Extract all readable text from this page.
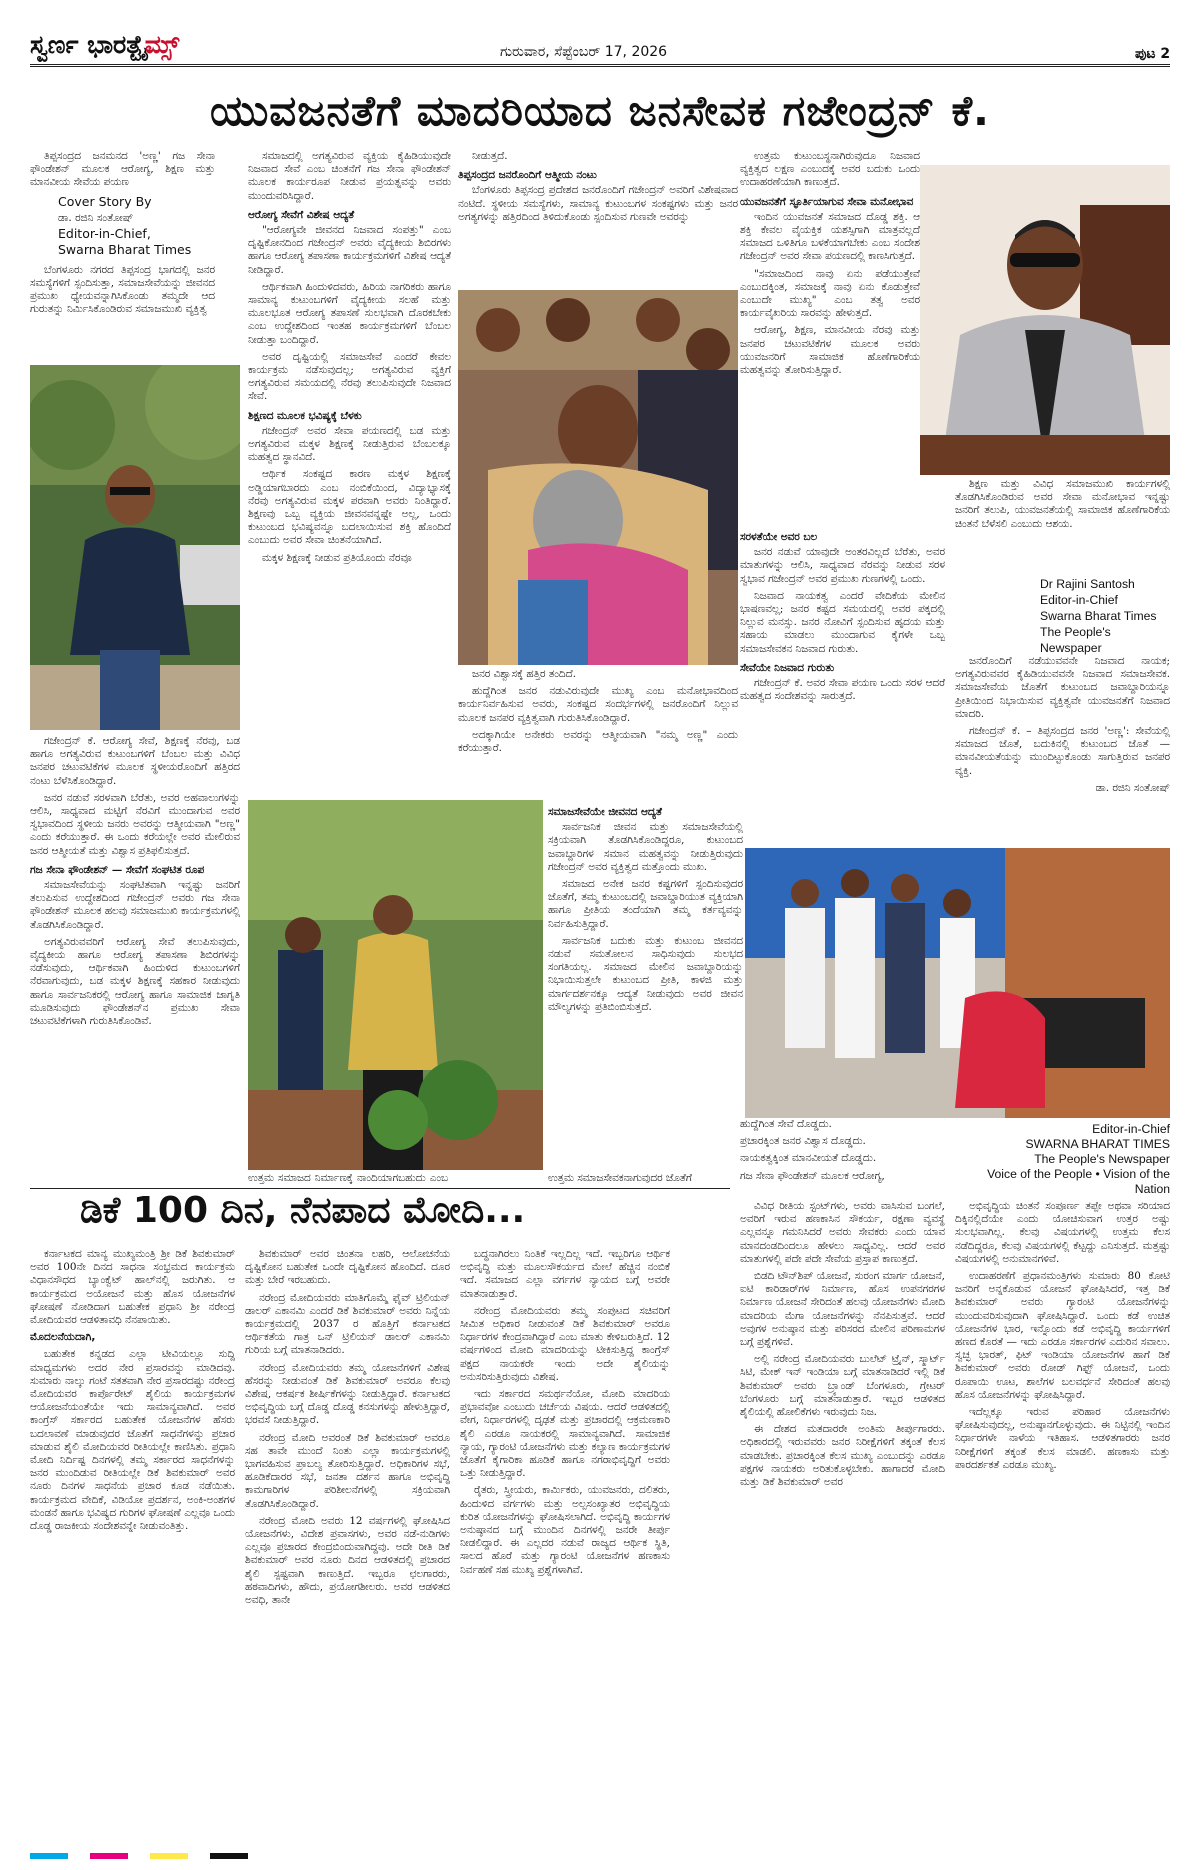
ಸ್ವರ್ಣ ಭಾರತ್ಟೈಮ್ಸ್	ಗುರುವಾರ, ಸೆಪ್ಟೆಂಬರ್ 17, 2026	ಪುಟ 2
ಯುವಜನತೆಗೆ ಮಾದರಿಯಾದ ಜನಸೇವಕ ಗಜೇಂದ್ರನ್ ಕೆ.

ತಿಪ್ಪಸಂದ್ರದ ಜನಮನದ 'ಅಣ್ಣ' ಗಜ ಸೇನಾ ಫೌಂಡೇಶನ್ ಮೂಲಕ ಆರೋಗ್ಯ, ಶಿಕ್ಷಣ ಮತ್ತು ಮಾನವೀಯ ಸೇವೆಯ ಪಯಣ

Cover Story By
ಡಾ. ರಜಿನಿ ಸಂತೋಷ್
Editor-in-Chief,
Swarna Bharat Times

ಬೆಂಗಳೂರು ನಗರದ ತಿಪ್ಪಸಂದ್ರ ಭಾಗದಲ್ಲಿ ಜನರ ಸಮಸ್ಯೆಗಳಿಗೆ ಸ್ಪಂದಿಸುತ್ತಾ, ಸಮಾಜಸೇವೆಯನ್ನು ಜೀವನದ ಪ್ರಮುಖ ಧ್ಯೇಯವನ್ನಾಗಿಸಿಕೊಂಡು ತಮ್ಮದೇ ಆದ ಗುರುತನ್ನು ನಿರ್ಮಿಸಿಕೊಂಡಿರುವ ಸಮಾಜಮುಖಿ ವ್ಯಕ್ತಿತ್ವ

ಗಜೇಂದ್ರನ್ ಕೆ. ಆರೋಗ್ಯ ಸೇವೆ, ಶಿಕ್ಷಣಕ್ಕೆ ನೆರವು, ಬಡ ಹಾಗೂ ಅಗತ್ಯವಿರುವ ಕುಟುಂಬಗಳಿಗೆ ಬೆಂಬಲ ಮತ್ತು ವಿವಿಧ ಜನಪರ ಚಟುವಟಿಕೆಗಳ ಮೂಲಕ ಸ್ಥಳೀಯರೊಂದಿಗೆ ಹತ್ತಿರದ ನಂಟು ಬೆಳೆಸಿಕೊಂಡಿದ್ದಾರೆ.

ಜನರ ನಡುವೆ ಸರಳವಾಗಿ ಬೆರೆತು, ಅವರ ಅಹವಾಲುಗಳನ್ನು ಆಲಿಸಿ, ಸಾಧ್ಯವಾದ ಮಟ್ಟಿಗೆ ನೆರವಿಗೆ ಮುಂದಾಗುವ ಅವರ ಸ್ವಭಾವದಿಂದ ಸ್ಥಳೀಯ ಜನರು ಅವರನ್ನು ಆತ್ಮೀಯವಾಗಿ "ಅಣ್ಣ" ಎಂದು ಕರೆಯುತ್ತಾರೆ. ಈ ಒಂದು ಕರೆಯಲ್ಲೇ ಅವರ ಮೇಲಿರುವ ಜನರ ಆತ್ಮೀಯತೆ ಮತ್ತು ವಿಶ್ವಾಸ ಪ್ರತಿಫಲಿಸುತ್ತದೆ.

ಗಜ ಸೇನಾ ಫೌಂಡೇಶನ್ — ಸೇವೆಗೆ ಸಂಘಟಿತ ರೂಪ

ಸಮಾಜಸೇವೆಯನ್ನು ಸಂಘಟಿತವಾಗಿ ಇನ್ನಷ್ಟು ಜನರಿಗೆ ತಲುಪಿಸುವ ಉದ್ದೇಶದಿಂದ ಗಜೇಂದ್ರನ್ ಅವರು ಗಜ ಸೇನಾ ಫೌಂಡೇಶನ್ ಮೂಲಕ ಹಲವು ಸಮಾಜಮುಖಿ ಕಾರ್ಯಕ್ರಮಗಳಲ್ಲಿ ತೊಡಗಿಸಿಕೊಂಡಿದ್ದಾರೆ.

ಅಗತ್ಯವಿರುವವರಿಗೆ ಆರೋಗ್ಯ ಸೇವೆ ತಲುಪಿಸುವುದು, ವೈದ್ಯಕೀಯ ಹಾಗೂ ಆರೋಗ್ಯ ತಪಾಸಣಾ ಶಿಬಿರಗಳನ್ನು ನಡೆಸುವುದು, ಆರ್ಥಿಕವಾಗಿ ಹಿಂದುಳಿದ ಕುಟುಂಬಗಳಿಗೆ ನೆರವಾಗುವುದು, ಬಡ ಮಕ್ಕಳ ಶಿಕ್ಷಣಕ್ಕೆ ಸಹಕಾರ ನೀಡುವುದು ಹಾಗೂ ಸಾರ್ವಜನಿಕರಲ್ಲಿ ಆರೋಗ್ಯ ಹಾಗೂ ಸಾಮಾಜಿಕ ಜಾಗೃತಿ ಮೂಡಿಸುವುದು ಫೌಂಡೇಶನ್‌ನ ಪ್ರಮುಖ ಸೇವಾ ಚಟುವಟಿಕೆಗಳಾಗಿ ಗುರುತಿಸಿಕೊಂಡಿವೆ.

ಸಮಾಜದಲ್ಲಿ ಅಗತ್ಯವಿರುವ ವ್ಯಕ್ತಿಯ ಕೈಹಿಡಿಯುವುದೇ ನಿಜವಾದ ಸೇವೆ ಎಂಬ ಚಿಂತನೆಗೆ ಗಜ ಸೇನಾ ಫೌಂಡೇಶನ್ ಮೂಲಕ ಕಾರ್ಯರೂಪ ನೀಡುವ ಪ್ರಯತ್ನವನ್ನು ಅವರು ಮುಂದುವರಿಸಿದ್ದಾರೆ.

ಆರೋಗ್ಯ ಸೇವೆಗೆ ವಿಶೇಷ ಆದ್ಯತೆ

"ಆರೋಗ್ಯವೇ ಜೀವನದ ನಿಜವಾದ ಸಂಪತ್ತು" ಎಂಬ ದೃಷ್ಟಿಕೋನದಿಂದ ಗಜೇಂದ್ರನ್ ಅವರು ವೈದ್ಯಕೀಯ ಶಿಬಿರಗಳು ಹಾಗೂ ಆರೋಗ್ಯ ತಪಾಸಣಾ ಕಾರ್ಯಕ್ರಮಗಳಿಗೆ ವಿಶೇಷ ಆದ್ಯತೆ ನೀಡಿದ್ದಾರೆ.

ಆರ್ಥಿಕವಾಗಿ ಹಿಂದುಳಿದವರು, ಹಿರಿಯ ನಾಗರಿಕರು ಹಾಗೂ ಸಾಮಾನ್ಯ ಕುಟುಂಬಗಳಿಗೆ ವೈದ್ಯಕೀಯ ಸಲಹೆ ಮತ್ತು ಮೂಲಭೂತ ಆರೋಗ್ಯ ತಪಾಸಣೆ ಸುಲಭವಾಗಿ ದೊರಕಬೇಕು ಎಂಬ ಉದ್ದೇಶದಿಂದ ಇಂತಹ ಕಾರ್ಯಕ್ರಮಗಳಿಗೆ ಬೆಂಬಲ ನೀಡುತ್ತಾ ಬಂದಿದ್ದಾರೆ.

ಅವರ ದೃಷ್ಟಿಯಲ್ಲಿ ಸಮಾಜಸೇವೆ ಎಂದರೆ ಕೇವಲ ಕಾರ್ಯಕ್ರಮ ನಡೆಸುವುದಲ್ಲ; ಅಗತ್ಯವಿರುವ ವ್ಯಕ್ತಿಗೆ ಅಗತ್ಯವಿರುವ ಸಮಯದಲ್ಲಿ ನೆರವು ತಲುಪಿಸುವುದೇ ನಿಜವಾದ ಸೇವೆ.

ಶಿಕ್ಷಣದ ಮೂಲಕ ಭವಿಷ್ಯಕ್ಕೆ ಬೆಳಕು

ಗಜೇಂದ್ರನ್ ಅವರ ಸೇವಾ ಪಯಣದಲ್ಲಿ ಬಡ ಮತ್ತು ಅಗತ್ಯವಿರುವ ಮಕ್ಕಳ ಶಿಕ್ಷಣಕ್ಕೆ ನೀಡುತ್ತಿರುವ ಬೆಂಬಲಕ್ಕೂ ಮಹತ್ವದ ಸ್ಥಾನವಿದೆ.

ಆರ್ಥಿಕ ಸಂಕಷ್ಟದ ಕಾರಣ ಮಕ್ಕಳ ಶಿಕ್ಷಣಕ್ಕೆ ಅಡ್ಡಿಯಾಗಬಾರದು ಎಂಬ ನಂಬಿಕೆಯಿಂದ, ವಿದ್ಯಾಭ್ಯಾಸಕ್ಕೆ ನೆರವು ಅಗತ್ಯವಿರುವ ಮಕ್ಕಳ ಪರವಾಗಿ ಅವರು ನಿಂತಿದ್ದಾರೆ. ಶಿಕ್ಷಣವು ಒಬ್ಬ ವ್ಯಕ್ತಿಯ ಜೀವನವನ್ನಷ್ಟೇ ಅಲ್ಲ, ಒಂದು ಕುಟುಂಬದ ಭವಿಷ್ಯವನ್ನೂ ಬದಲಾಯಿಸುವ ಶಕ್ತಿ ಹೊಂದಿದೆ ಎಂಬುದು ಅವರ ಸೇವಾ ಚಿಂತನೆಯಾಗಿದೆ.

ಮಕ್ಕಳ ಶಿಕ್ಷಣಕ್ಕೆ ನೀಡುವ ಪ್ರತಿಯೊಂದು ನೆರವೂ

ನೀಡುತ್ತದೆ.

ತಿಪ್ಪಸಂದ್ರದ ಜನರೊಂದಿಗೆ ಆತ್ಮೀಯ ನಂಟು

ಬೆಂಗಳೂರು ತಿಪ್ಪಸಂದ್ರ ಪ್ರದೇಶದ ಜನರೊಂದಿಗೆ ಗಜೇಂದ್ರನ್ ಅವರಿಗೆ ವಿಶೇಷವಾದ ನಂಟಿದೆ. ಸ್ಥಳೀಯ ಸಮಸ್ಯೆಗಳು, ಸಾಮಾನ್ಯ ಕುಟುಂಬಗಳ ಸಂಕಷ್ಟಗಳು ಮತ್ತು ಜನರ ಅಗತ್ಯಗಳನ್ನು ಹತ್ತಿರದಿಂದ ತಿಳಿದುಕೊಂಡು ಸ್ಪಂದಿಸುವ ಗುಣವೇ ಅವರನ್ನು

ಜನರ ವಿಶ್ವಾಸಕ್ಕೆ ಹತ್ತಿರ ತಂದಿದೆ.

ಹುದ್ದೆಗಿಂತ ಜನರ ನಡುವಿರುವುದೇ ಮುಖ್ಯ ಎಂಬ ಮನೋಭಾವದಿಂದ ಕಾರ್ಯನಿರ್ವಹಿಸುವ ಅವರು, ಸಂಕಷ್ಟದ ಸಂದರ್ಭಗಳಲ್ಲಿ ಜನರೊಂದಿಗೆ ನಿಲ್ಲುವ ಮೂಲಕ ಜನಪರ ವ್ಯಕ್ತಿತ್ವವಾಗಿ ಗುರುತಿಸಿಕೊಂಡಿದ್ದಾರೆ.

ಅದಕ್ಕಾಗಿಯೇ ಅನೇಕರು ಅವರನ್ನು ಆತ್ಮೀಯವಾಗಿ "ನಮ್ಮ ಅಣ್ಣ" ಎಂದು ಕರೆಯುತ್ತಾರೆ.

ಉತ್ತಮ ಕುಟುಂಬಸ್ಥನಾಗಿರುವುದೂ ನಿಜವಾದ ವ್ಯಕ್ತಿತ್ವದ ಲಕ್ಷಣ ಎಂಬುದಕ್ಕೆ ಅವರ ಬದುಕು ಒಂದು ಉದಾಹರಣೆಯಾಗಿ ಕಾಣುತ್ತದೆ.

ಯುವಜನತೆಗೆ ಸ್ಫೂರ್ತಿಯಾಗುವ ಸೇವಾ ಮನೋಭಾವ

ಇಂದಿನ ಯುವಜನತೆ ಸಮಾಜದ ದೊಡ್ಡ ಶಕ್ತಿ. ಆ ಶಕ್ತಿ ಕೇವಲ ವೈಯಕ್ತಿಕ ಯಶಸ್ಸಿಗಾಗಿ ಮಾತ್ರವಲ್ಲದೆ ಸಮಾಜದ ಒಳಿತಿಗೂ ಬಳಕೆಯಾಗಬೇಕು ಎಂಬ ಸಂದೇಶ ಗಜೇಂದ್ರನ್ ಅವರ ಸೇವಾ ಪಯಣದಲ್ಲಿ ಕಾಣಸಿಗುತ್ತದೆ.

"ಸಮಾಜದಿಂದ ನಾವು ಏನು ಪಡೆಯುತ್ತೇವೆ ಎಂಬುದಕ್ಕಿಂತ, ಸಮಾಜಕ್ಕೆ ನಾವು ಏನು ಕೊಡುತ್ತೇವೆ ಎಂಬುದೇ ಮುಖ್ಯ" ಎಂಬ ತತ್ವ ಅವರ ಕಾರ್ಯವೈಖರಿಯ ಸಾರವನ್ನು ಹೇಳುತ್ತದೆ.

ಆರೋಗ್ಯ, ಶಿಕ್ಷಣ, ಮಾನವೀಯ ನೆರವು ಮತ್ತು ಜನಪರ ಚಟುವಟಿಕೆಗಳ ಮೂಲಕ ಅವರು ಯುವಜನರಿಗೆ ಸಾಮಾಜಿಕ ಹೊಣೆಗಾರಿಕೆಯ ಮಹತ್ವವನ್ನು ತೋರಿಸುತ್ತಿದ್ದಾರೆ.

ಶಿಕ್ಷಣ ಮತ್ತು ವಿವಿಧ ಸಮಾಜಮುಖಿ ಕಾರ್ಯಗಳಲ್ಲಿ ತೊಡಗಿಸಿಕೊಂಡಿರುವ ಅವರ ಸೇವಾ ಮನೋಭಾವ ಇನ್ನಷ್ಟು ಜನರಿಗೆ ತಲುಪಿ, ಯುವಜನತೆಯಲ್ಲಿ ಸಾಮಾಜಿಕ ಹೊಣೆಗಾರಿಕೆಯ ಚಿಂತನೆ ಬೆಳೆಸಲಿ ಎಂಬುದು ಆಶಯ.

Dr Rajini Santosh
Editor-in-Chief
Swarna Bharat Times
The People's Newspaper

ಸರಳತೆಯೇ ಅವರ ಬಲ

ಜನರ ನಡುವೆ ಯಾವುದೇ ಅಂತರವಿಲ್ಲದೆ ಬೆರೆತು, ಅವರ ಮಾತುಗಳನ್ನು ಆಲಿಸಿ, ಸಾಧ್ಯವಾದ ನೆರವನ್ನು ನೀಡುವ ಸರಳ ಸ್ವಭಾವ ಗಜೇಂದ್ರನ್ ಅವರ ಪ್ರಮುಖ ಗುಣಗಳಲ್ಲಿ ಒಂದು.

ನಿಜವಾದ ನಾಯಕತ್ವ ಎಂದರೆ ವೇದಿಕೆಯ ಮೇಲಿನ ಭಾಷಣವಲ್ಲ; ಜನರ ಕಷ್ಟದ ಸಮಯದಲ್ಲಿ ಅವರ ಪಕ್ಕದಲ್ಲಿ ನಿಲ್ಲುವ ಮನಸ್ಸು. ಜನರ ನೋವಿಗೆ ಸ್ಪಂದಿಸುವ ಹೃದಯ ಮತ್ತು ಸಹಾಯ ಮಾಡಲು ಮುಂದಾಗುವ ಕೈಗಳೇ ಒಬ್ಬ ಸಮಾಜಸೇವಕನ ನಿಜವಾದ ಗುರುತು.

ಸೇವೆಯೇ ನಿಜವಾದ ಗುರುತು

ಗಜೇಂದ್ರನ್ ಕೆ. ಅವರ ಸೇವಾ ಪಯಣ ಒಂದು ಸರಳ ಆದರೆ ಮಹತ್ವದ ಸಂದೇಶವನ್ನು ಸಾರುತ್ತದೆ.

ಜನರೊಂದಿಗೆ ನಡೆಯುವವನೇ ನಿಜವಾದ ನಾಯಕ; ಅಗತ್ಯವಿರುವವರ ಕೈಹಿಡಿಯುವವನೇ ನಿಜವಾದ ಸಮಾಜಸೇವಕ. ಸಮಾಜಸೇವೆಯ ಜೊತೆಗೆ ಕುಟುಂಬದ ಜವಾಬ್ದಾರಿಯನ್ನೂ ಪ್ರೀತಿಯಿಂದ ನಿಭಾಯಿಸುವ ವ್ಯಕ್ತಿತ್ವವೇ ಯುವಜನತೆಗೆ ನಿಜವಾದ ಮಾದರಿ.

ಗಜೇಂದ್ರನ್ ಕೆ. – ತಿಪ್ಪಸಂದ್ರದ ಜನರ 'ಅಣ್ಣ': ಸೇವೆಯಲ್ಲಿ ಸಮಾಜದ ಜೊತೆ, ಬದುಕಿನಲ್ಲಿ ಕುಟುಂಬದ ಜೊತೆ — ಮಾನವೀಯತೆಯನ್ನು ಮುಂದಿಟ್ಟುಕೊಂಡು ಸಾಗುತ್ತಿರುವ ಜನಪರ ವ್ಯಕ್ತಿ.

ಡಾ. ರಜಿನಿ ಸಂತೋಷ್

ಸಮಾಜಸೇವೆಯೇ ಜೀವನದ ಆದ್ಯತೆ

ಸಾರ್ವಜನಿಕ ಜೀವನ ಮತ್ತು ಸಮಾಜಸೇವೆಯಲ್ಲಿ ಸಕ್ರಿಯವಾಗಿ ತೊಡಗಿಸಿಕೊಂಡಿದ್ದರೂ, ಕುಟುಂಬದ ಜವಾಬ್ದಾರಿಗಳ ಸಮಾನ ಮಹತ್ವವನ್ನು ನೀಡುತ್ತಿರುವುದು ಗಜೇಂದ್ರನ್ ಅವರ ವ್ಯಕ್ತಿತ್ವದ ಮತ್ತೊಂದು ಮುಖ.

ಸಮಾಜದ ಅನೇಕ ಜನರ ಕಷ್ಟಗಳಿಗೆ ಸ್ಪಂದಿಸುವುದರ ಜೊತೆಗೆ, ತಮ್ಮ ಕುಟುಂಬದಲ್ಲಿ ಜವಾಬ್ದಾರಿಯುತ ವ್ಯಕ್ತಿಯಾಗಿ ಹಾಗೂ ಪ್ರೀತಿಯ ತಂದೆಯಾಗಿ ತಮ್ಮ ಕರ್ತವ್ಯವನ್ನು ನಿರ್ವಹಿಸುತ್ತಿದ್ದಾರೆ.

ಸಾರ್ವಜನಿಕ ಬದುಕು ಮತ್ತು ಕುಟುಂಬ ಜೀವನದ ನಡುವೆ ಸಮತೋಲನ ಸಾಧಿಸುವುದು ಸುಲಭದ ಸಂಗತಿಯಲ್ಲ. ಸಮಾಜದ ಮೇಲಿನ ಜವಾಬ್ದಾರಿಯನ್ನು ನಿಭಾಯಿಸುತ್ತಲೇ ಕುಟುಂಬದ ಪ್ರೀತಿ, ಕಾಳಜಿ ಮತ್ತು ಮಾರ್ಗದರ್ಶನಕ್ಕೂ ಆದ್ಯತೆ ನೀಡುವುದು ಅವರ ಜೀವನ ಮೌಲ್ಯಗಳನ್ನು ಪ್ರತಿಬಿಂಬಿಸುತ್ತದೆ.

ಉತ್ತಮ ಸಮಾಜದ ನಿರ್ಮಾಣಕ್ಕೆ ನಾಂದಿಯಾಗಬಹುದು ಎಂಬ	ಉತ್ತಮ ಸಮಾಜಸೇವಕನಾಗುವುದರ ಜೊತೆಗೆ

ಹುದ್ದೆಗಿಂತ ಸೇವೆ ದೊಡ್ಡದು.

ಪ್ರಚಾರಕ್ಕಿಂತ ಜನರ ವಿಶ್ವಾಸ ದೊಡ್ಡದು.

ನಾಯಕತ್ವಕ್ಕಿಂತ ಮಾನವೀಯತೆ ದೊಡ್ಡದು.

ಗಜ ಸೇನಾ ಫೌಂಡೇಶನ್ ಮೂಲಕ ಆರೋಗ್ಯ,

Editor-in-Chief
SWARNA BHARAT TIMES
The People's Newspaper
Voice of the People • Vision of the Nation
ಡಿಕೆ 100 ದಿನ, ನೆನಪಾದ ಮೋದಿ...

ಕರ್ನಾಟಕದ ಮಾನ್ಯ ಮುಖ್ಯಮಂತ್ರಿ ಶ್ರೀ ಡಿಕೆ ಶಿವಕುಮಾರ್ ಅವರ 100ನೇ ದಿನದ ಸಾಧನಾ ಸಂಭ್ರಮದ ಕಾರ್ಯಕ್ರಮ ವಿಧಾನಸೌಧದ ಬ್ಯಾಂಕ್ವೆಟ್ ಹಾಲ್‌ನಲ್ಲಿ ಜರುಗಿತು. ಆ ಕಾರ್ಯಕ್ರಮದ ಅಯೋಜನೆ ಮತ್ತು ಹೊಸ ಯೋಜನೆಗಳ ಘೋಷಣೆ ನೋಡಿದಾಗ ಬಹುತೇಕ ಪ್ರಧಾನಿ ಶ್ರೀ ನರೇಂದ್ರ ಮೋದಿಯವರ ಆಡಳಿತಾವಧಿ ನೆನಪಾಯಿತು.

ಮೊದಲನೆಯದಾಗಿ,

ಬಹುತೇಕ ಕನ್ನಡದ ಎಲ್ಲಾ ಟೀವಿಯಲ್ಲೂ ಸುದ್ದಿ ಮಾಧ್ಯಮಗಳು ಅದರ ನೇರ ಪ್ರಸಾರವನ್ನು ಮಾಡಿದವು. ಸುಮಾರು ನಾಲ್ಕು ಗಂಟೆ ಸತತವಾಗಿ ನೇರ ಪ್ರಸಾರದಷ್ಟು ನರೇಂದ್ರ ಮೋದಿಯವರ ಕಾರ್ಪೊರೇಟ್ ಶೈಲಿಯ ಕಾರ್ಯಕ್ರಮಗಳ ಆಯೋಜನೆಯಂತೆಯೇ ಇದು ಸಾಮಾನ್ಯವಾಗಿದೆ. ಅವರ ಕಾಂಗ್ರೆಸ್ ಸರ್ಕಾರದ ಬಹುತೇಕ ಯೋಜನೆಗಳ ಹೆಸರು ಬದಲಾವಣೆ ಮಾಡುವುದರ ಜೊತೆಗೆ ಸಾಧನೆಗಳನ್ನು ಪ್ರಚಾರ ಮಾಡುವ ಶೈಲಿ ಮೋದಿಯವರ ರೀತಿಯಲ್ಲೇ ಕಾಣಿಸಿತು. ಪ್ರಧಾನಿ ಮೋದಿ ನಿರ್ದಿಷ್ಟ ದಿನಗಳಲ್ಲಿ ತಮ್ಮ ಸರ್ಕಾರದ ಸಾಧನೆಗಳನ್ನು ಜನರ ಮುಂದಿಡುವ ರೀತಿಯಲ್ಲೇ ಡಿಕೆ ಶಿವಕುಮಾರ್ ಅವರ ನೂರು ದಿನಗಳ ಸಾಧನೆಯ ಪ್ರಚಾರ ಕೂಡ ನಡೆಯಿತು. ಕಾರ್ಯಕ್ರಮದ ವೇದಿಕೆ, ವಿಡಿಯೋ ಪ್ರದರ್ಶನ, ಅಂಕಿ-ಅಂಶಗಳ ಮಂಡನೆ ಹಾಗೂ ಭವಿಷ್ಯದ ಗುರಿಗಳ ಘೋಷಣೆ ಎಲ್ಲವೂ ಒಂದು ದೊಡ್ಡ ರಾಜಕೀಯ ಸಂದೇಶವನ್ನೇ ನೀಡುವಂತಿತ್ತು.

ಶಿವಕುಮಾರ್ ಅವರ ಚಿಂತನಾ ಲಹರಿ, ಆಲೋಚನೆಯ ದೃಷ್ಟಿಕೋನ ಬಹುತೇಕ ಒಂದೇ ದೃಷ್ಟಿಕೋನ ಹೊಂದಿದೆ. ದೂರ ಮತ್ತು ಬೇರೆ ಇರಬಹುದು.

ನರೇಂದ್ರ ಮೋದಿಯವರು ಮಾತಿಗೊಮ್ಮೆ ಫೈವ್ ಟ್ರಿಲಿಯನ್ ಡಾಲರ್ ಎಕಾನಮಿ ಎಂದರೆ ಡಿಕೆ ಶಿವಕುಮಾರ್ ಅವರು ನಿನ್ನೆಯ ಕಾರ್ಯಕ್ರಮದಲ್ಲಿ 2037 ರ ಹೊತ್ತಿಗೆ ಕರ್ನಾಟಕದ ಆರ್ಥಿಕತೆಯ ಗಾತ್ರ ಒನ್ ಟ್ರಿಲಿಯನ್ ಡಾಲರ್ ಎಕಾನಮಿ ಗುರಿಯ ಬಗ್ಗೆ ಮಾತನಾಡಿದರು.

ನರೇಂದ್ರ ಮೋದಿಯವರು ತಮ್ಮ ಯೋಜನೆಗಳಿಗೆ ವಿಶೇಷ ಹೆಸರನ್ನು ನೀಡುವಂತೆ ಡಿಕೆ ಶಿವಕುಮಾರ್ ಅವರೂ ಕೆಲವು ವಿಶೇಷ, ಆಕರ್ಷಕ ಶೀರ್ಷಿಕೆಗಳನ್ನು ನೀಡುತ್ತಿದ್ದಾರೆ. ಕರ್ನಾಟಕದ ಅಭಿವೃದ್ಧಿಯ ಬಗ್ಗೆ ದೊಡ್ಡ ದೊಡ್ಡ ಕನಸುಗಳನ್ನು ಹೇಳುತ್ತಿದ್ದಾರೆ, ಭರವಸೆ ನೀಡುತ್ತಿದ್ದಾರೆ.

ನರೇಂದ್ರ ಮೋದಿ ಅವರಂತೆ ಡಿಕೆ ಶಿವಕುಮಾರ್ ಅವರೂ ಸಹ ತಾವೇ ಮುಂದೆ ನಿಂತು ಎಲ್ಲಾ ಕಾರ್ಯಕ್ರಮಗಳಲ್ಲಿ ಭಾಗವಹಿಸುವ ಪ್ರಾಬಲ್ಯ ತೋರಿಸುತ್ತಿದ್ದಾರೆ. ಅಧಿಕಾರಿಗಳ ಸಭೆ, ಹೂಡಿಕೆದಾರರ ಸಭೆ, ಜನತಾ ದರ್ಶನ ಹಾಗೂ ಅಭಿವೃದ್ಧಿ ಕಾಮಗಾರಿಗಳ ಪರಿಶೀಲನೆಗಳಲ್ಲಿ ಸಕ್ರಿಯವಾಗಿ ತೊಡಗಿಸಿಕೊಂಡಿದ್ದಾರೆ.

ನರೇಂದ್ರ ಮೋದಿ ಅವರು 12 ವರ್ಷಗಳಲ್ಲಿ ಘೋಷಿಸಿದ ಯೋಜನೆಗಳು, ವಿದೇಶ ಪ್ರವಾಸಗಳು, ಅವರ ನಡೆ-ನುಡಿಗಳು ಎಲ್ಲವೂ ಪ್ರಚಾರದ ಕೇಂದ್ರಬಿಂದುವಾಗಿದ್ದವು. ಅದೇ ರೀತಿ ಡಿಕೆ ಶಿವಕುಮಾರ್ ಅವರ ನೂರು ದಿನದ ಆಡಳಿತದಲ್ಲಿ ಪ್ರಚಾರದ ಶೈಲಿ ಸ್ಪಷ್ಟವಾಗಿ ಕಾಣುತ್ತಿದೆ. ಇಬ್ಬರೂ ಛಲಗಾರರು, ಹಠವಾದಿಗಳು, ಹೌದು, ಪ್ರಯೋಗಶೀಲರು. ಅವರ ಆಡಳಿತದ ಅವಧಿ, ತಾನೇ

ಬದ್ಧನಾಗಿರಲು ನಿಂತಿಕೆ ಇಲ್ಲದಿಲ್ಲ ಇದೆ. ಇಬ್ಬರಿಗೂ ಆರ್ಥಿಕ ಅಭಿವೃದ್ಧಿ ಮತ್ತು ಮೂಲಸೌಕರ್ಯದ ಮೇಲೆ ಹೆಚ್ಚಿನ ನಂಬಿಕೆ ಇದೆ. ಸಮಾಜದ ಎಲ್ಲಾ ವರ್ಗಗಳ ನ್ಯಾಯದ ಬಗ್ಗೆ ಅವರೇ ಮಾತನಾಡುತ್ತಾರೆ.

ನರೇಂದ್ರ ಮೋದಿಯವರು ತಮ್ಮ ಸಂಪುಟದ ಸಚಿವರಿಗೆ ಸೀಮಿತ ಅಧಿಕಾರ ನೀಡುವಂತೆ ಡಿಕೆ ಶಿವಕುಮಾರ್ ಅವರೂ ನಿರ್ಧಾರಗಳ ಕೇಂದ್ರವಾಗಿದ್ದಾರೆ ಎಂಬ ಮಾತು ಕೇಳಿಬರುತ್ತಿದೆ. 12 ವರ್ಷಗಳಿಂದ ಮೋದಿ ಮಾದರಿಯನ್ನು ಟೀಕಿಸುತ್ತಿದ್ದ ಕಾಂಗ್ರೆಸ್ ಪಕ್ಷದ ನಾಯಕರೇ ಇಂದು ಅದೇ ಶೈಲಿಯನ್ನು ಅನುಸರಿಸುತ್ತಿರುವುದು ವಿಶೇಷ.

ಇದು ಸರ್ಕಾರದ ಸಮರ್ಥನೆಯೋ, ಮೋದಿ ಮಾದರಿಯ ಪ್ರಭಾವವೋ ಎಂಬುದು ಚರ್ಚೆಯ ವಿಷಯ. ಆದರೆ ಆಡಳಿತದಲ್ಲಿ ವೇಗ, ನಿರ್ಧಾರಗಳಲ್ಲಿ ದೃಢತೆ ಮತ್ತು ಪ್ರಚಾರದಲ್ಲಿ ಆಕ್ರಮಣಕಾರಿ ಶೈಲಿ ಎರಡೂ ನಾಯಕರಲ್ಲಿ ಸಾಮಾನ್ಯವಾಗಿದೆ. ಸಾಮಾಜಿಕ ನ್ಯಾಯ, ಗ್ಯಾರಂಟಿ ಯೋಜನೆಗಳು ಮತ್ತು ಕಲ್ಯಾಣ ಕಾರ್ಯಕ್ರಮಗಳ ಜೊತೆಗೆ ಕೈಗಾರಿಕಾ ಹೂಡಿಕೆ ಹಾಗೂ ನಗರಾಭಿವೃದ್ಧಿಗೆ ಅವರು ಒತ್ತು ನೀಡುತ್ತಿದ್ದಾರೆ.

ರೈತರು, ಸ್ತ್ರೀಯರು, ಕಾರ್ಮಿಕರು, ಯುವಜನರು, ದಲಿತರು, ಹಿಂದುಳಿದ ವರ್ಗಗಳು ಮತ್ತು ಅಲ್ಪಸಂಖ್ಯಾತರ ಅಭಿವೃದ್ಧಿಯ ಕುರಿತ ಯೋಜನೆಗಳನ್ನು ಘೋಷಿಸಲಾಗಿದೆ. ಅಭಿವೃದ್ಧಿ ಕಾರ್ಯಗಳ ಅನುಷ್ಠಾನದ ಬಗ್ಗೆ ಮುಂದಿನ ದಿನಗಳಲ್ಲಿ ಜನರೇ ತೀರ್ಪು ನೀಡಲಿದ್ದಾರೆ. ಈ ಎಲ್ಲದರ ನಡುವೆ ರಾಜ್ಯದ ಆರ್ಥಿಕ ಸ್ಥಿತಿ, ಸಾಲದ ಹೊರೆ ಮತ್ತು ಗ್ಯಾರಂಟಿ ಯೋಜನೆಗಳ ಹಣಕಾಸು ನಿರ್ವಹಣೆ ಸಹ ಮುಖ್ಯ ಪ್ರಶ್ನೆಗಳಾಗಿವೆ.

ವಿವಿಧ ರೀತಿಯ ಸ್ಟಂಟ್‌ಗಳು, ಅವರು ವಾಸಿಸುವ ಬಂಗಲೆ, ಅವರಿಗೆ ಇರುವ ಹಣಕಾಸಿನ ಸೌಕರ್ಯ, ರಕ್ಷಣಾ ವ್ಯವಸ್ಥೆ ಎಲ್ಲವನ್ನೂ ಗಮನಿಸಿದರೆ ಅವರು ಸೇವಕರು ಎಂದು ಯಾವ ಮಾನದಂಡದಿಂದಲೂ ಹೇಳಲು ಸಾಧ್ಯವಿಲ್ಲ. ಆದರೆ ಅವರ ಮಾತುಗಳಲ್ಲಿ ಪದೇ ಪದೇ ಸೇವೆಯ ಪ್ರಸ್ತಾಪ ಕಾಣುತ್ತದೆ.

ಬಿಡದಿ ಟೌನ್‌ಶಿಪ್ ಯೋಜನೆ, ಸುರಂಗ ಮಾರ್ಗ ಯೋಜನೆ, ಐಟಿ ಕಾರಿಡಾರ್‌ಗಳ ನಿರ್ಮಾಣ, ಹೊಸ ಉಪನಗರಗಳ ನಿರ್ಮಾಣ ಯೋಜನೆ ಸೇರಿದಂತೆ ಹಲವು ಯೋಜನೆಗಳು ಮೋದಿ ಮಾದರಿಯ ಮೆಗಾ ಯೋಜನೆಗಳನ್ನು ನೆನಪಿಸುತ್ತವೆ. ಆದರೆ ಅವುಗಳ ಅನುಷ್ಠಾನ ಮತ್ತು ಪರಿಸರದ ಮೇಲಿನ ಪರಿಣಾಮಗಳ ಬಗ್ಗೆ ಪ್ರಶ್ನೆಗಳಿವೆ.

ಅಲ್ಲಿ ನರೇಂದ್ರ ಮೋದಿಯವರು ಬುಲೆಟ್ ಟ್ರೈನ್, ಸ್ಮಾರ್ಟ್ ಸಿಟಿ, ಮೇಕ್ ಇನ್ ಇಂಡಿಯಾ ಬಗ್ಗೆ ಮಾತನಾಡಿದರೆ ಇಲ್ಲಿ ಡಿಕೆ ಶಿವಕುಮಾರ್ ಅವರು ಬ್ರ್ಯಾಂಡ್ ಬೆಂಗಳೂರು, ಗ್ರೇಟರ್ ಬೆಂಗಳೂರು ಬಗ್ಗೆ ಮಾತನಾಡುತ್ತಾರೆ. ಇಬ್ಬರ ಆಡಳಿತದ ಶೈಲಿಯಲ್ಲಿ ಹೋಲಿಕೆಗಳು ಇರುವುದು ನಿಜ.

ಈ ದೇಶದ ಮತದಾರರೇ ಅಂತಿಮ ತೀರ್ಪುಗಾರರು. ಅಧಿಕಾರದಲ್ಲಿ ಇರುವವರು ಜನರ ನಿರೀಕ್ಷೆಗಳಿಗೆ ತಕ್ಕಂತೆ ಕೆಲಸ ಮಾಡಬೇಕು. ಪ್ರಚಾರಕ್ಕಿಂತ ಕೆಲಸ ಮುಖ್ಯ ಎಂಬುದನ್ನು ಎರಡೂ ಪಕ್ಷಗಳ ನಾಯಕರು ಅರಿತುಕೊಳ್ಳಬೇಕು. ಹಾಗಾದರೆ ಮೋದಿ ಮತ್ತು ಡಿಕೆ ಶಿವಕುಮಾರ್ ಅವರ

ಅಭಿವೃದ್ಧಿಯ ಚಿಂತನೆ ಸಂಪೂರ್ಣ ತಪ್ಪೇ ಅಥವಾ ಸರಿಯಾದ ದಿಕ್ಕಿನಲ್ಲಿದೆಯೇ ಎಂದು ಯೋಚಿಸುವಾಗ ಉತ್ತರ ಅಷ್ಟು ಸುಲಭವಾಗಿಲ್ಲ. ಕೆಲವು ವಿಷಯಗಳಲ್ಲಿ ಉತ್ತಮ ಕೆಲಸ ನಡೆದಿದ್ದರೂ, ಕೆಲವು ವಿಷಯಗಳಲ್ಲಿ ಕೆಟ್ಟದ್ದು ಎನಿಸುತ್ತದೆ. ಮತ್ತಷ್ಟು ವಿಷಯಗಳಲ್ಲಿ ಅನುಮಾನಗಳಿವೆ.

ಉದಾಹರಣೆಗೆ ಪ್ರಧಾನಮಂತ್ರಿಗಳು ಸುಮಾರು 80 ಕೋಟಿ ಜನರಿಗೆ ಅನ್ನಕೊಡುವ ಯೋಜನೆ ಘೋಷಿಸಿದರೆ, ಇತ್ತ ಡಿಕೆ ಶಿವಕುಮಾರ್ ಅವರು ಗ್ಯಾರಂಟಿ ಯೋಜನೆಗಳನ್ನು ಮುಂದುವರಿಸುವುದಾಗಿ ಘೋಷಿಸಿದ್ದಾರೆ. ಒಂದು ಕಡೆ ಉಚಿತ ಯೋಜನೆಗಳ ಭಾರ, ಇನ್ನೊಂದು ಕಡೆ ಅಭಿವೃದ್ಧಿ ಕಾರ್ಯಗಳಿಗೆ ಹಣದ ಕೊರತೆ — ಇದು ಎರಡೂ ಸರ್ಕಾರಗಳ ಎದುರಿನ ಸವಾಲು. ಸ್ವಚ್ಛ ಭಾರತ್, ಫಿಟ್ ಇಂಡಿಯಾ ಯೋಜನೆಗಳ ಹಾಗೆ ಡಿಕೆ ಶಿವಕುಮಾರ್ ಅವರು ರೋಡ್ ಗಿಫ್ಟ್ ಯೋಜನೆ, ಒಂದು ರೂಪಾಯಿ ಊಟ, ಶಾಲೆಗಳ ಬಲವರ್ಧನೆ ಸೇರಿದಂತೆ ಹಲವು ಹೊಸ ಯೋಜನೆಗಳನ್ನು ಘೋಷಿಸಿದ್ದಾರೆ.

ಇದೆಲ್ಲಕ್ಕೂ ಇರುವ ಪರಿಹಾರ ಯೋಜನೆಗಳು ಘೋಷಿಸುವುದಲ್ಲ, ಅನುಷ್ಠಾನಗೊಳ್ಳುವುದು. ಈ ನಿಟ್ಟಿನಲ್ಲಿ ಇಂದಿನ ನಿರ್ಧಾರಗಳೇ ನಾಳೆಯ ಇತಿಹಾಸ. ಆಡಳಿತಗಾರರು ಜನರ ನಿರೀಕ್ಷೆಗಳಿಗೆ ತಕ್ಕಂತೆ ಕೆಲಸ ಮಾಡಲಿ. ಹಣಕಾಸು ಮತ್ತು ಪಾರದರ್ಶಕತೆ ಎರಡೂ ಮುಖ್ಯ.
